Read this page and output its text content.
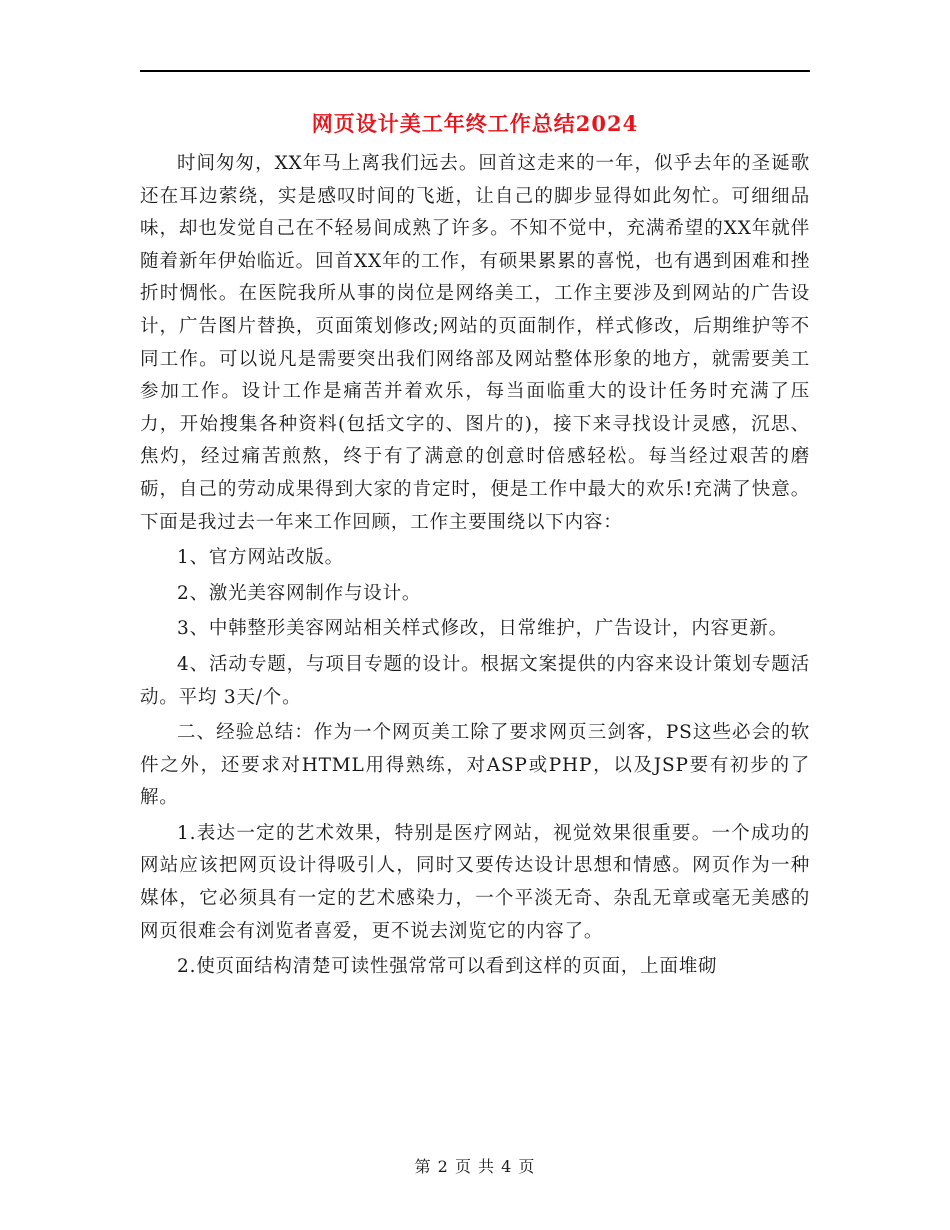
网页设计美工年终工作总结2024

时间匆匆，XX年马上离我们远去。回首这走来的一年，似乎去年的圣诞歌还在耳边萦绕，实是感叹时间的飞逝，让自己的脚步显得如此匆忙。可细细品味，却也发觉自己在不轻易间成熟了许多。不知不觉中，充满希望的XX年就伴随着新年伊始临近。回首XX年的工作，有硕果累累的喜悦，也有遇到困难和挫折时惆怅。在医院我所从事的岗位是网络美工，工作主要涉及到网站的广告设计，广告图片替换，页面策划修改;网站的页面制作，样式修改，后期维护等不同工作。可以说凡是需要突出我们网络部及网站整体形象的地方，就需要美工参加工作。设计工作是痛苦并着欢乐，每当面临重大的设计任务时充满了压力，开始搜集各种资料(包括文字的、图片的)，接下来寻找设计灵感，沉思、焦灼，经过痛苦煎熬，终于有了满意的创意时倍感轻松。每当经过艰苦的磨砺，自己的劳动成果得到大家的肯定时，便是工作中最大的欢乐!充满了快意。下面是我过去一年来工作回顾，工作主要围绕以下内容：

1、官方网站改版。

2、激光美容网制作与设计。

3、中韩整形美容网站相关样式修改，日常维护，广告设计，内容更新。

4、活动专题，与项目专题的设计。根据文案提供的内容来设计策划专题活动。平均 3天/个。

二、经验总结：作为一个网页美工除了要求网页三剑客，PS这些必会的软件之外，还要求对HTML用得熟练，对ASP或PHP，以及JSP要有初步的了解。

1.表达一定的艺术效果，特别是医疗网站，视觉效果很重要。一个成功的网站应该把网页设计得吸引人，同时又要传达设计思想和情感。网页作为一种媒体，它必须具有一定的艺术感染力，一个平淡无奇、杂乱无章或毫无美感的网页很难会有浏览者喜爱，更不说去浏览它的内容了。

2.使页面结构清楚可读性强常常可以看到这样的页面，上面堆砌

第 2 页 共 4 页
